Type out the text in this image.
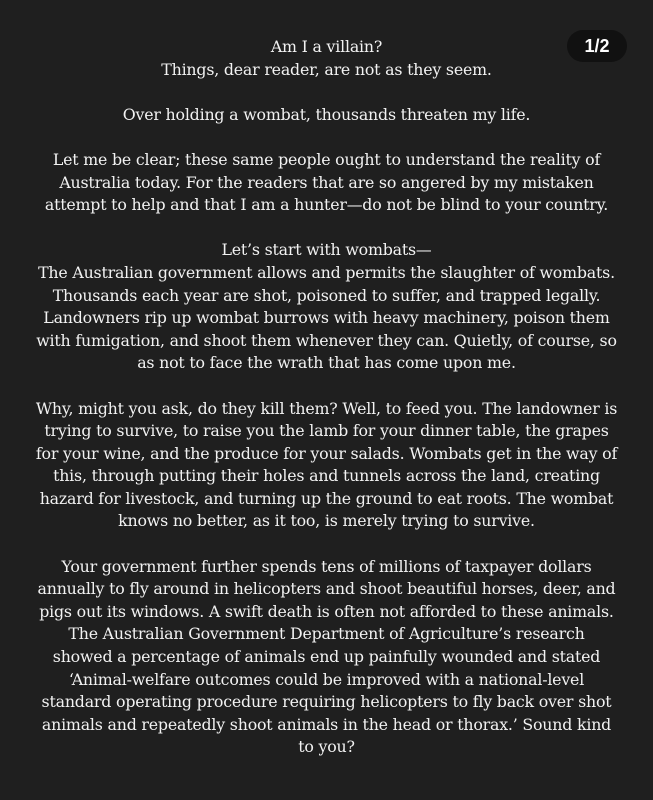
1/2

Am I a villain?
Things, dear reader, are not as they seem.

Over holding a wombat, thousands threaten my life.

Let me be clear; these same people ought to understand the reality of
Australia today. For the readers that are so angered by my mistaken
attempt to help and that I am a hunter—do not be blind to your country.

Let’s start with wombats—
The Australian government allows and permits the slaughter of wombats.
Thousands each year are shot, poisoned to suffer, and trapped legally.
Landowners rip up wombat burrows with heavy machinery, poison them
with fumigation, and shoot them whenever they can. Quietly, of course, so
as not to face the wrath that has come upon me.

Why, might you ask, do they kill them? Well, to feed you. The landowner is
trying to survive, to raise you the lamb for your dinner table, the grapes
for your wine, and the produce for your salads. Wombats get in the way of
this, through putting their holes and tunnels across the land, creating
hazard for livestock, and turning up the ground to eat roots. The wombat
knows no better, as it too, is merely trying to survive.

Your government further spends tens of millions of taxpayer dollars
annually to fly around in helicopters and shoot beautiful horses, deer, and
pigs out its windows. A swift death is often not afforded to these animals.
The Australian Government Department of Agriculture’s research
showed a percentage of animals end up painfully wounded and stated
‘Animal-welfare outcomes could be improved with a national-level
standard operating procedure requiring helicopters to fly back over shot
animals and repeatedly shoot animals in the head or thorax.’ Sound kind
to you?
